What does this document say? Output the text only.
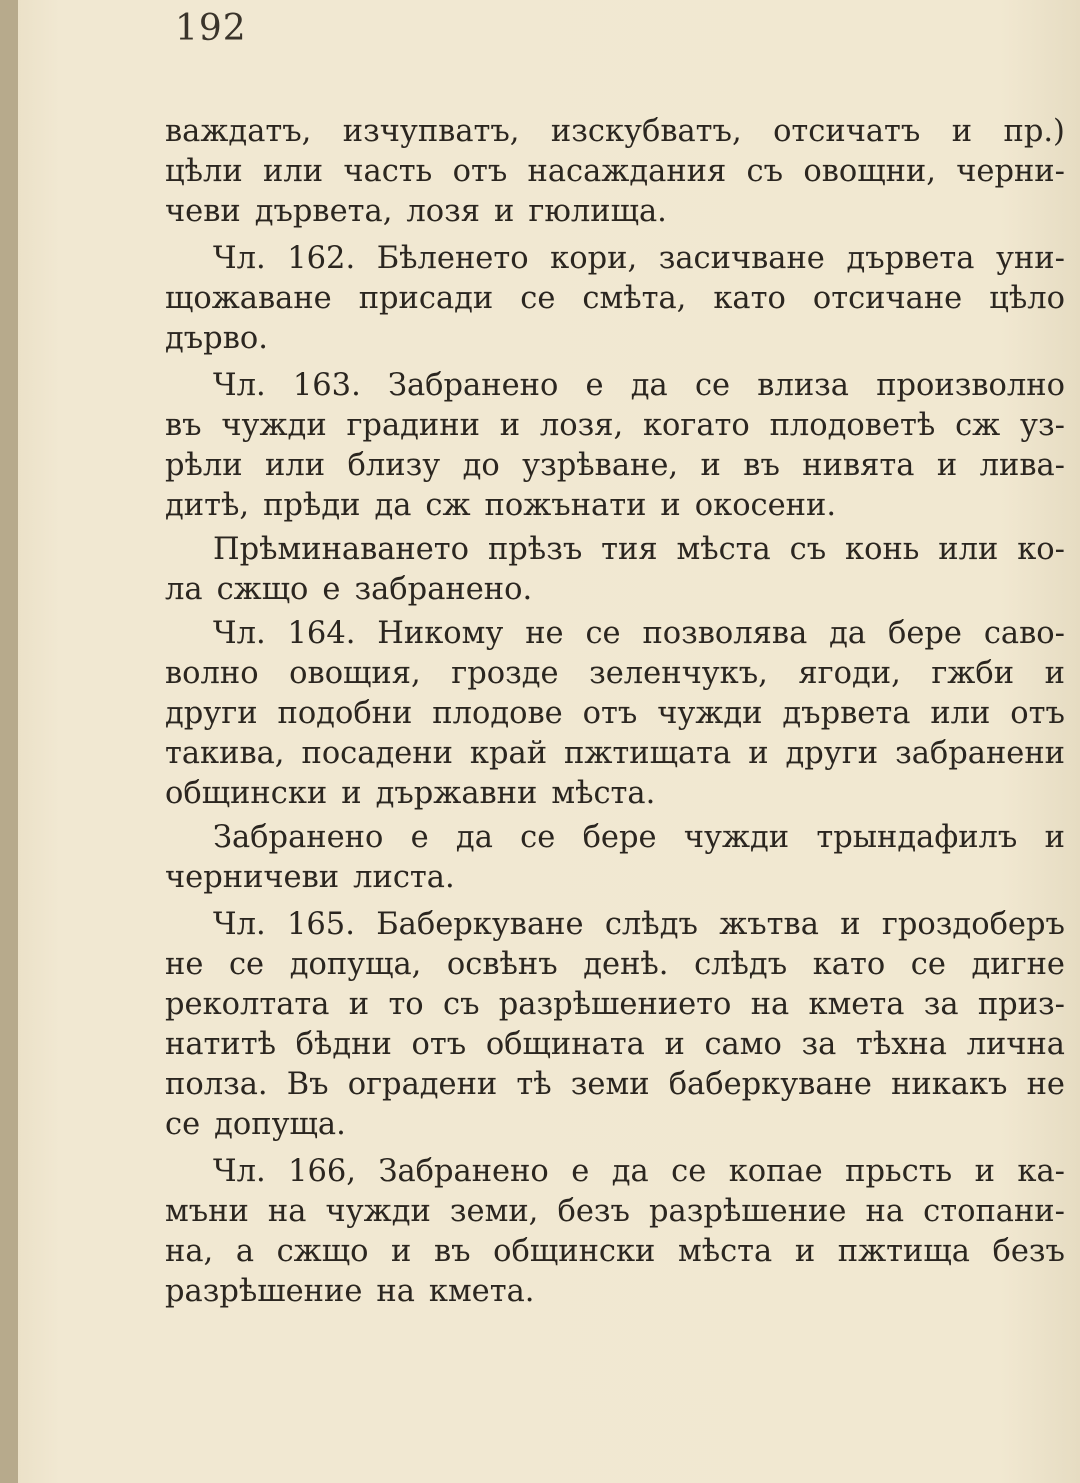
192
важдатъ, изчупватъ, изскубватъ, отсичатъ и пр.)
цѣли или часть отъ насаждания съ овощни, черни-
чеви дървета, лозя и гюлища.
Чл. 162. Бѣленето кори, засичване дървета уни-
щожаване присади се смѣта, като отсичане цѣло
дърво.
Чл. 163. Забранено е да се влиза произволно
въ чужди градини и лозя, когато плодоветѣ сж уз-
рѣли или близу до узрѣване, и въ нивята и лива-
дитѣ, прѣди да сж пожънати и окосени.
Прѣминаването прѣзъ тия мѣста съ конь или ко-
ла сжщо е забранено.
Чл. 164. Никому не се позволява да бере саво-
волно овощия, грозде зеленчукъ, ягоди, гжби и
други подобни плодове отъ чужди дървета или отъ
такива, посадени край пжтищата и други забранени
общински и държавни мѣста.
Забранено е да се бере чужди трындафилъ и
черничеви листа.
Чл. 165. Баберкуване слѣдъ жътва и гроздоберъ
не се допуща, освѣнъ денѣ. слѣдъ като се дигне
реколтата и то съ разрѣшението на кмета за приз-
натитѣ бѣдни отъ общината и само за тѣхна лична
полза. Въ оградени тѣ земи баберкуване никакъ не
се допуща.
Чл. 166, Забранено е да се копае прьсть и ка-
мъни на чужди земи, безъ разрѣшение на стопани-
на, а сжщо и въ общински мѣста и пжтища безъ
разрѣшение на кмета.
